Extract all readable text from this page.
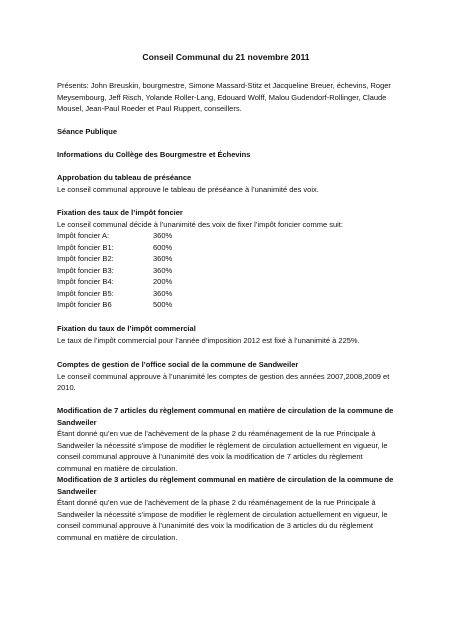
Conseil Communal du 21 novembre 2011

Présents: John Breuskin, bourgmestre, Simone Massard-Stitz et Jacqueline Breuer, échevins, Roger
Meysembourg, Jeff Risch, Yolande Roller-Lang, Edouard Wolff, Malou Gudendorf-Rollinger, Claude
Mousel, Jean-Paul Roeder et Paul Ruppert, conseillers.

Séance Publique

Informations du Collège des Bourgmestre et Échevins

Approbation du tableau de préséance
Le conseil communal approuve le tableau de préséance à l’unanimité des voix.

Fixation des taux de l’impôt foncier
Le conseil communal décide à l’unanimité des voix de fixer l’impôt foncier comme suit:
Impôt foncier A:	360%
Impôt foncier B1:	600%
Impôt foncier B2:	360%
Impôt foncier B3:	360%
Impôt foncier B4:	200%
Impôt foncier B5:	360%
Impôt foncier B6	500%

Fixation du taux de l’impôt commercial
Le taux de l’impôt commercial pour l’année d’imposition 2012 est fixé à l’unanimité à 225%.

Comptes de gestion de l’office social de la commune de Sandweiler
Le conseil communal approuve à l’unanimité les comptes de gestion des années 2007,2008,2009 et
2010.

Modification de 7 articles du règlement communal en matière de circulation de la commune de
Sandweiler
Étant donné qu’en vue de l’achèvement de la phase 2 du réaménagement de la rue Principale à
Sandweiler la nécessité s’impose de modifier le règlement de circulation actuellement en vigueur, le
conseil communal approuve à l’unanimité des voix la modification de 7 articles du règlement
communal en matière de circulation.

Modification de 3 articles du règlement communal en matière de circulation de la commune de
Sandweiler
Étant donné qu’en vue de l’achèvement de la phase 2 du réaménagement de la rue Principale à
Sandweiler la nécessité s’impose de modifier le règlement de circulation actuellement en vigueur, le
conseil communal approuve à l’unanimité des voix la modification de 3 articles du du règlement
communal en matière de circulation.
